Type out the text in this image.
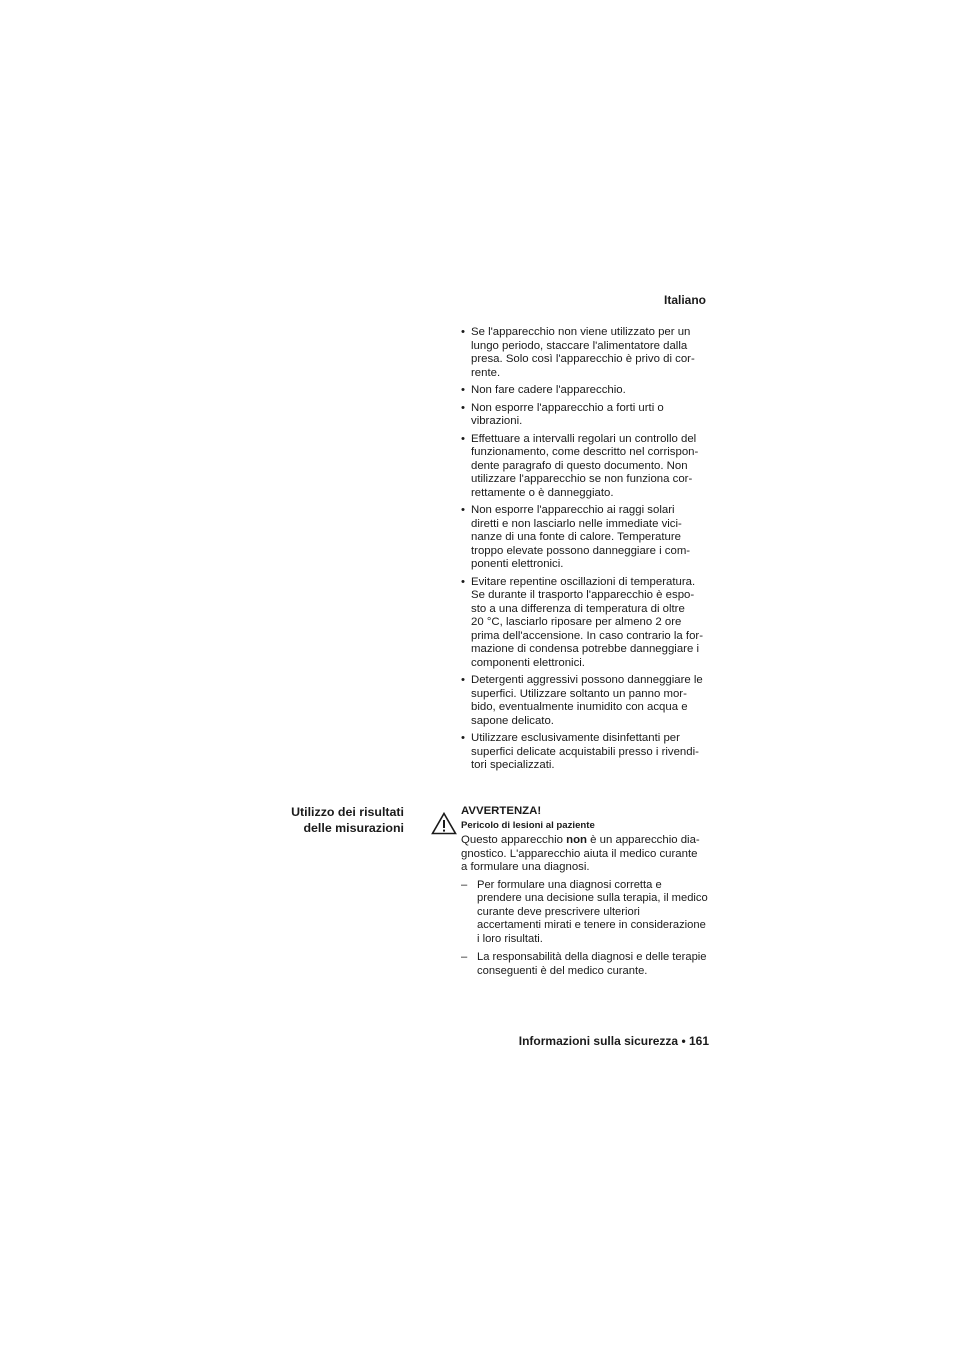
Italiano
• Se l'apparecchio non viene utilizzato per un
lungo periodo, staccare l'alimentatore dalla
presa. Solo così l'apparecchio è privo di cor-
rente.
• Non fare cadere l'apparecchio.
• Non esporre l'apparecchio a forti urti o
vibrazioni.
• Effettuare a intervalli regolari un controllo del
funzionamento, come descritto nel corrispon-
dente paragrafo di questo documento. Non
utilizzare l'apparecchio se non funziona cor-
rettamente o è danneggiato.
• Non esporre l'apparecchio ai raggi solari
diretti e non lasciarlo nelle immediate vici-
nanze di una fonte di calore. Temperature
troppo elevate possono danneggiare i com-
ponenti elettronici.
• Evitare repentine oscillazioni di temperatura.
Se durante il trasporto l'apparecchio è espo-
sto a una differenza di temperatura di oltre
20 °C, lasciarlo riposare per almeno 2 ore
prima dell'accensione. In caso contrario la for-
mazione di condensa potrebbe danneggiare i
componenti elettronici.
• Detergenti aggressivi possono danneggiare le
superfici. Utilizzare soltanto un panno mor-
bido, eventualmente inumidito con acqua e
sapone delicato.
• Utilizzare esclusivamente disinfettanti per
superfici delicate acquistabili presso i rivendi-
tori specializzati.
Utilizzo dei risultati
delle misurazioni
AVVERTENZA!
Pericolo di lesioni al paziente
Questo apparecchio non è un apparecchio dia-
gnostico. L'apparecchio aiuta il medico curante
a formulare una diagnosi.
– Per formulare una diagnosi corretta e
prendere una decisione sulla terapia, il medico
curante deve prescrivere ulteriori
accertamenti mirati e tenere in considerazione
i loro risultati.
– La responsabilità della diagnosi e delle terapie
conseguenti è del medico curante.
Informazioni sulla sicurezza • 161
